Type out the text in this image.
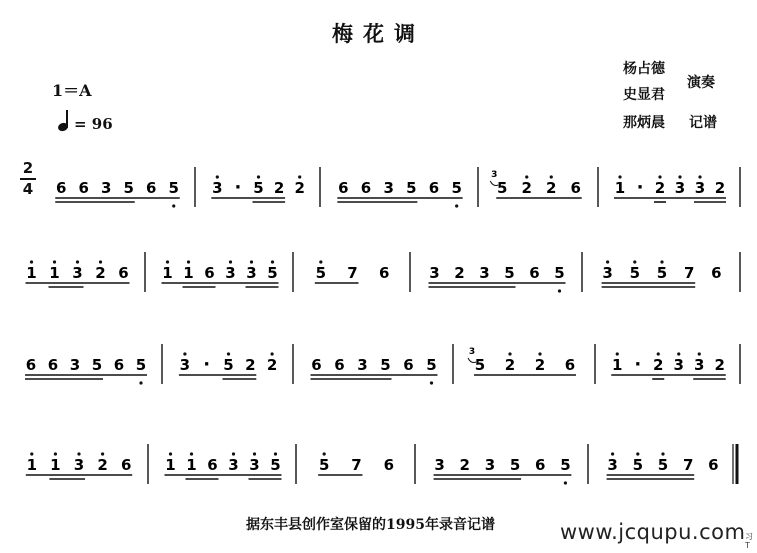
梅花调
1＝A
= 96
杨占德
史显君
演奏
那炳晨 记谱
2
4 6 6 3 5 6 5 3 · 5 2 2 6 6 3 5 6 5 5
3
2 2 6 1 · 2 3 3 2
1 1 3 2 6 1 1 6 3 3 5	5 7 6	3 2 3 5 6 5	3 5 5 7 6
6 6 3 5 6 5 3 · 5 2 2 6 6 3 5 6 5	5
3
2 2 6 1 · 2 3 3 2
1 1 3 2 6 1 1 6 3 3 5	5 7 6	3 2 3 5 6 5 3 5 5 7 6
据东丰县创作室保留的1995年录音记谱	www.jcqupu.com 习T
